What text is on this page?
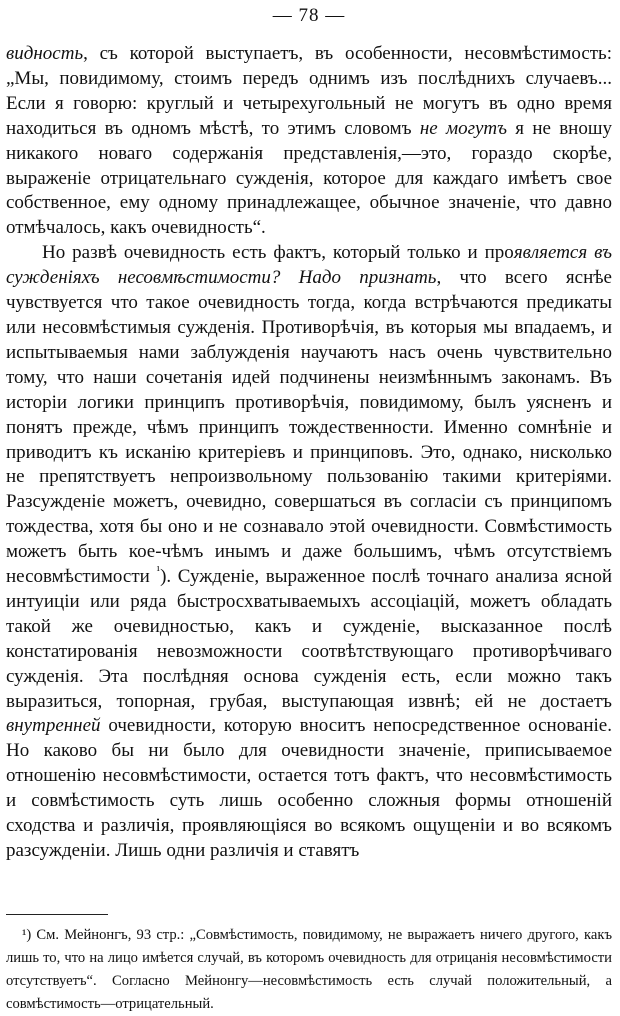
— 78 —

видность, съ которой выступаетъ, въ особенности, несовмѣстимость: „Мы, повидимому, стоимъ передъ однимъ изъ послѣднихъ случаевъ... Если я говорю: круглый и четырехугольный не могутъ въ одно время находиться въ одномъ мѣстѣ, то этимъ словомъ не могутъ я не вношу никакого новаго содержанія представленія,—это, гораздо скорѣе, выраженіе отрицательнаго сужденія, которое для каждаго имѣетъ свое собственное, ему одному принадлежащее, обычное значеніе, что давно отмѣчалось, какъ очевидность“.

Но развѣ очевидность есть фактъ, который только и проявляетcя въ сужденіяхъ несовмѣстимости? Надо признать, что всего яснѣе чувствуется что такое очевидность тогда, когда встрѣчаются предикаты или несовмѣстимыя сужденія. Противорѣчія, въ которыя мы впадаемъ, и испытываемыя нами заблужденія научаютъ насъ очень чувствительно тому, что наши сочетанія идей подчинены неизмѣннымъ законамъ. Въ исторіи логики принципъ противорѣчія, повидимому, былъ уясненъ и понятъ прежде, чѣмъ принципъ тождественности. Именно сомнѣніе и приводитъ къ исканію критеріевъ и принциповъ. Это, однако, нисколько не препятствуетъ непроизвольному пользованію такими критеріями. Разсужденіе можетъ, очевидно, совершаться въ согласіи съ принципомъ тождества, хотя бы оно и не сознавало этой очевидности. Совмѣстимость можетъ быть кое-чѣмъ инымъ и даже большимъ, чѣмъ отсутствіемъ несовмѣстимости $^{^1}$). Сужденіе, выраженное послѣ точнаго анализа ясной интуиціи или ряда быстросхватываемыхъ ассоціацій, можетъ обладать такой же очевидностью, какъ и сужденіе, высказанное послѣ констатированія невозможности соотвѣтствующаго противорѣчиваго сужденія. Эта послѣдняя основа сужденія есть, если можно такъ выразиться, топорная, грубая, выступающая извнѣ; ей не достаетъ внутренней очевидности, которую вноситъ непосредственное основаніе. Но каково бы ни было для очевидности значеніе, приписываемое отношенію несовмѣстимости, остается тотъ фактъ, что несовмѣстимость и совмѣстимость суть лишь особенно сложныя формы отношеній сходства и различія, проявляющіяся во всякомъ ощущеніи и во всякомъ разсужденіи. Лишь одни различія и ставятъ

¹) См. Мейнонгъ, 93 стр.: „Совмѣстимость, повидимому, не выражаетъ ничего другого, какъ лишь то, что на лицо имѣется случай, въ которомъ очевидность для отрицанія несовмѣстимости отсутствуетъ“. Согласно Мейнонгу—несовмѣстимость есть случай положительный, а совмѣстимость—отрицательный.
